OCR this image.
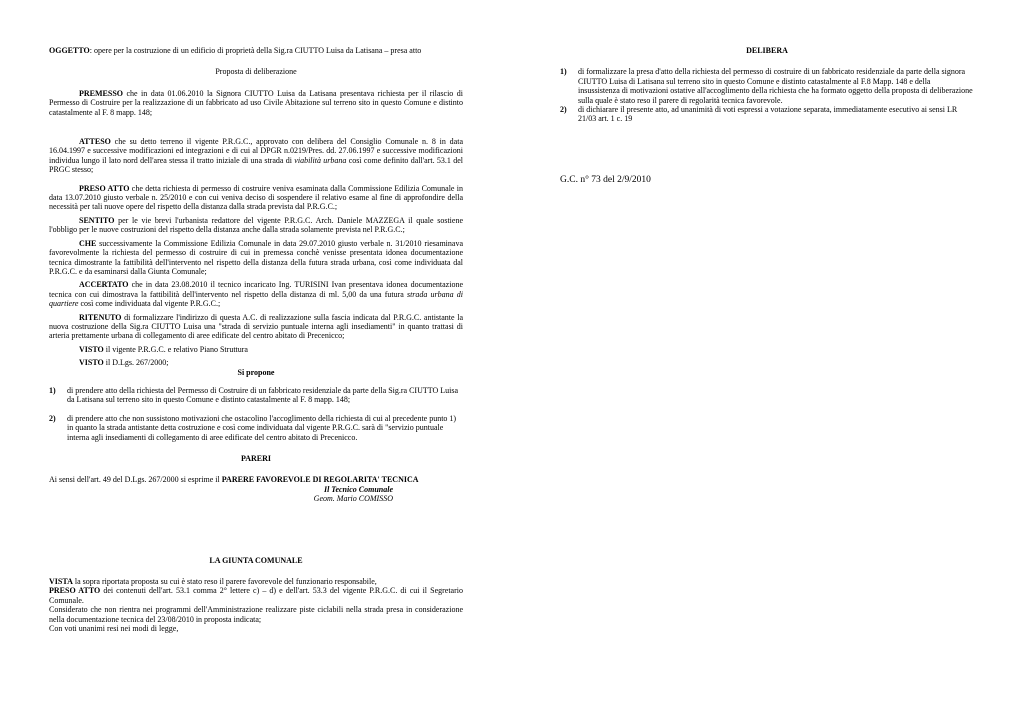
OGGETTO: opere per la costruzione di un edificio di proprietà della Sig.ra CIUTTO Luisa da Latisana – presa atto

Proposta di deliberazione

PREMESSO che in data 01.06.2010 la Signora CIUTTO Luisa da Latisana presentava richiesta per il rilascio di Permesso di Costruire per la realizzazione di un fabbricato ad uso Civile Abitazione sul terreno sito in questo Comune e distinto catastalmente al F. 8 mapp. 148;

ATTESO che su detto terreno il vigente P.R.G.C., approvato con delibera del Consiglio Comunale n. 8 in data 16.04.1997 e successive modificazioni ed integrazioni e di cui al DPGR n.0219/Pres. dd. 27.06.1997 e successive modificazioni individua lungo il lato nord dell'area stessa il tratto iniziale di una strada di viabilità urbana così come definito dall'art. 53.1 del PRGC stesso;

PRESO ATTO che detta richiesta di permesso di costruire veniva esaminata dalla Commissione Edilizia Comunale in data 13.07.2010 giusto verbale n. 25/2010 e con cui veniva deciso di sospendere il relativo esame al fine di approfondire della necessità per tali nuove opere del rispetto della distanza dalla strada prevista dal P.R.G.C.;

SENTITO per le vie brevi l'urbanista redattore del vigente P.R.G.C. Arch. Daniele MAZZEGA il quale sostiene l'obbligo per le nuove costruzioni del rispetto della distanza anche dalla strada solamente prevista nel P.R.G.C.;

CHE successivamente la Commissione Edilizia Comunale in data 29.07.2010 giusto verbale n. 31/2010 riesaminava favorevolmente la richiesta del permesso di costruire di cui in premessa conchè venisse presentata idonea documentazione tecnica dimostrante la fattibilità dell'intervento nel rispetto della distanza della futura strada urbana, così come individuata dal P.R.G.C. e da esaminarsi dalla Giunta Comunale;

ACCERTATO che in data 23.08.2010 il tecnico incaricato Ing. TURISINI Ivan presentava idonea documentazione tecnica con cui dimostrava la fattibilità dell'intervento nel rispetto della distanza di ml. 5,00 da una futura strada urbana di quartiere così come individuata dal vigente P.R.G.C.;

RITENUTO di formalizzare l'indirizzo di questa A.C. di realizzazione sulla fascia indicata dal P.R.G.C. antistante la nuova costruzione della Sig.ra CIUTTO Luisa una "strada di servizio puntuale interna agli insediamenti" in quanto trattasi di arteria prettamente urbana di collegamento di aree edificate del centro abitato di Precenicco;

VISTO il vigente P.R.G.C. e relativo Piano Struttura

VISTO il D.Lgs. 267/2000;

Si propone

1)	di prendere atto della richiesta del Permesso di Costruire di un fabbricato residenziale da parte della Sig.ra CIUTTO Luisa da Latisana sul terreno sito in questo Comune e distinto catastalmente al F. 8 mapp. 148;
2)	di prendere atto che non sussistono motivazioni che ostacolino l'accoglimento della richiesta di cui al precedente punto 1) in quanto la strada antistante detta costruzione e così come individuata dal vigente P.R.G.C. sarà di "servizio puntuale interna agli insediamenti di collegamento di aree edificate del centro abitato di Precenicco.

PARERI

Ai sensi dell'art. 49 del D.Lgs. 267/2000 si esprime il PARERE FAVOREVOLE DI REGOLARITA' TECNICA

Il Tecnico Comunale

Geom. Mario COMISSO

LA GIUNTA COMUNALE

VISTA la sopra riportata proposta su cui è stato reso il parere favorevole del funzionario responsabile,

PRESO ATTO dei contenuti dell'art. 53.1 comma 2° lettere c) – d) e dell'art. 53.3 del vigente P.R.G.C. di cui il Segretario Comunale.

Considerato che non rientra nei programmi dell'Amministrazione realizzare piste ciclabili nella strada presa in considerazione nella documentazione tecnica del 23/08/2010 in proposta indicata;

Con voti unanimi resi nei modi di legge,

DELIBERA

1)	di formalizzare la presa d'atto della richiesta del permesso di costruire di un fabbricato residenziale da parte della signora CIUTTO Luisa di Latisana sul terreno sito in questo Comune e distinto catastalmente al F.8 Mapp. 148 e della insussistenza di motivazioni ostative all'accoglimento della richiesta che ha formato oggetto della proposta di deliberazione sulla quale è stato reso il parere di regolarità tecnica favorevole.
2)	di dichiarare il presente atto, ad unanimità di voti espressi a votazione separata, immediatamente esecutivo ai sensi LR 21/03 art. 1 c. 19

G.C. n° 73 del 2/9/2010
